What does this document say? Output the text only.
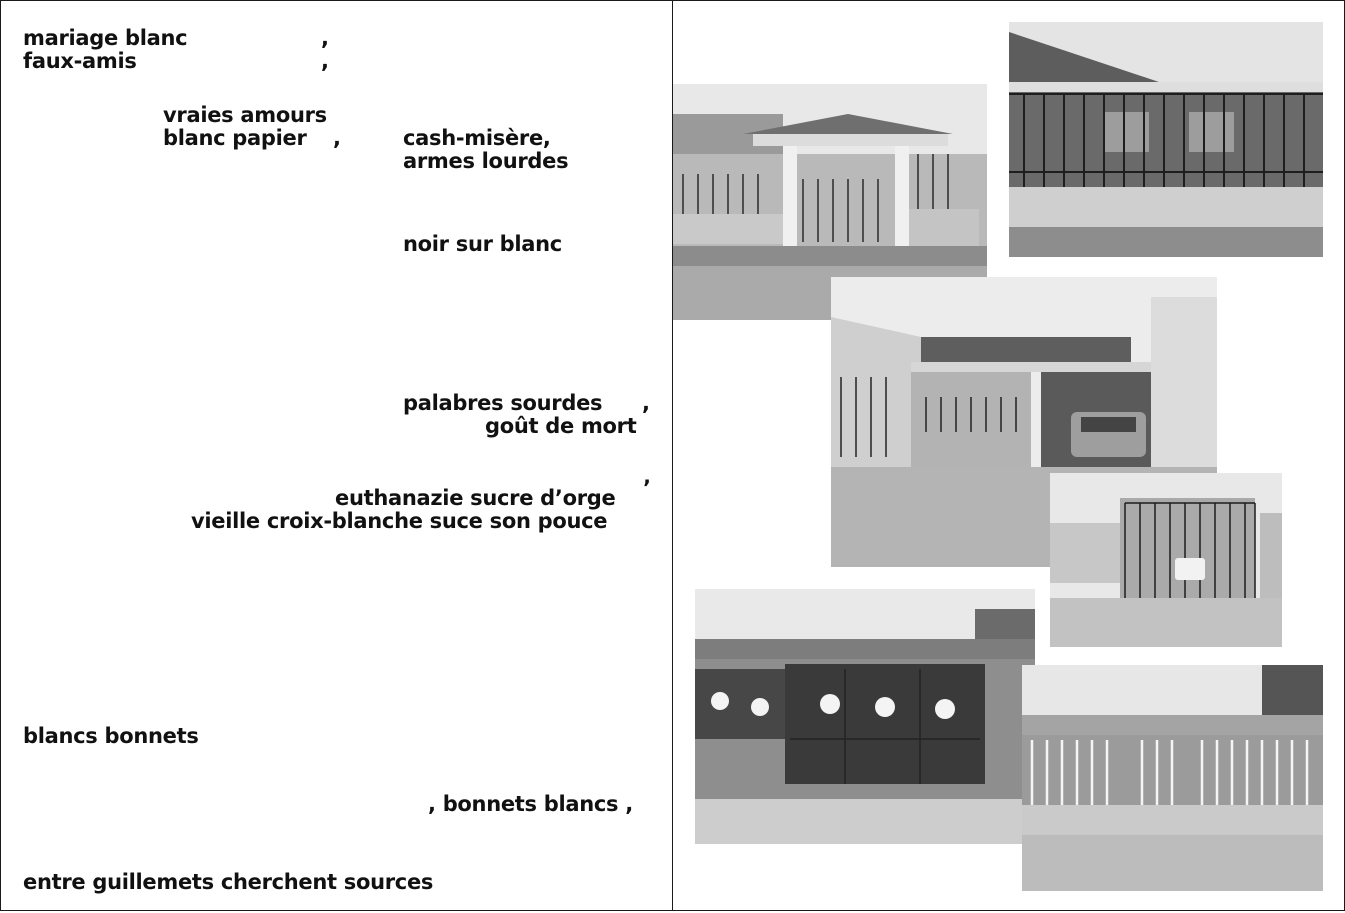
mariage blanc	,

faux-amis	,

vraies amours

blanc papier ,	cash-misère,

armes lourdes

noir sur blanc

palabres sourdes ,

goût de mort

euthanazie sucre d’orge ’

vieille croix-blanche suce son pouce

blancs bonnets

, bonnets blancs ,

entre guillemets cherchent sources
